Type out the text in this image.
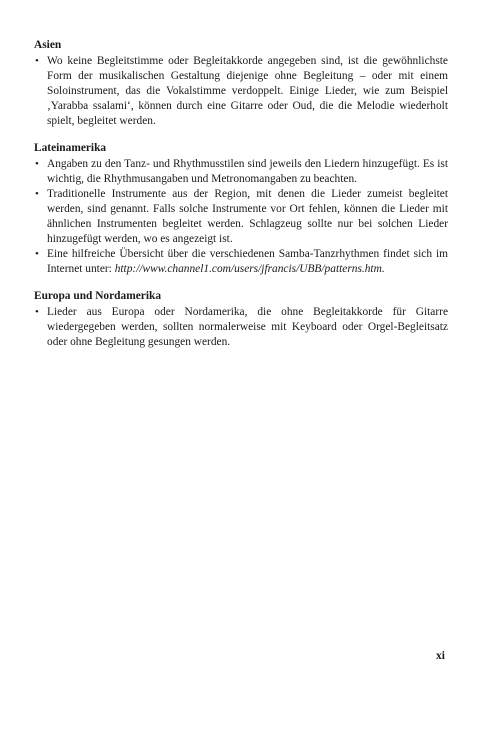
Asien
• Wo keine Begleitstimme oder Begleitakkorde angegeben sind, ist die gewöhnlichste Form der musikalischen Gestaltung diejenige ohne Begleitung – oder mit einem Soloinstrument, das die Vokalstimme verdoppelt. Einige Lieder, wie zum Beispiel ‚Yarabba ssalami‘, können durch eine Gitarre oder Oud, die die Melodie wiederholt spielt, begleitet werden.
Lateinamerika
• Angaben zu den Tanz- und Rhythmusstilen sind jeweils den Liedern hinzugefügt. Es ist wichtig, die Rhythmusangaben und Metronomangaben zu beachten.
• Traditionelle Instrumente aus der Region, mit denen die Lieder zumeist begleitet werden, sind genannt. Falls solche Instrumente vor Ort fehlen, können die Lieder mit ähnlichen Instrumenten begleitet werden. Schlagzeug sollte nur bei solchen Lieder hinzugefügt werden, wo es angezeigt ist.
• Eine hilfreiche Übersicht über die verschiedenen Samba-Tanzrhythmen findet sich im Internet unter: http://www.channel1.com/users/jfrancis/UBB/patterns.htm.
Europa und Nordamerika
• Lieder aus Europa oder Nordamerika, die ohne Begleitakkorde für Gitarre wiedergegeben werden, sollten normalerweise mit Keyboard oder Orgel-Begleitsatz oder ohne Begleitung gesungen werden.
xi
